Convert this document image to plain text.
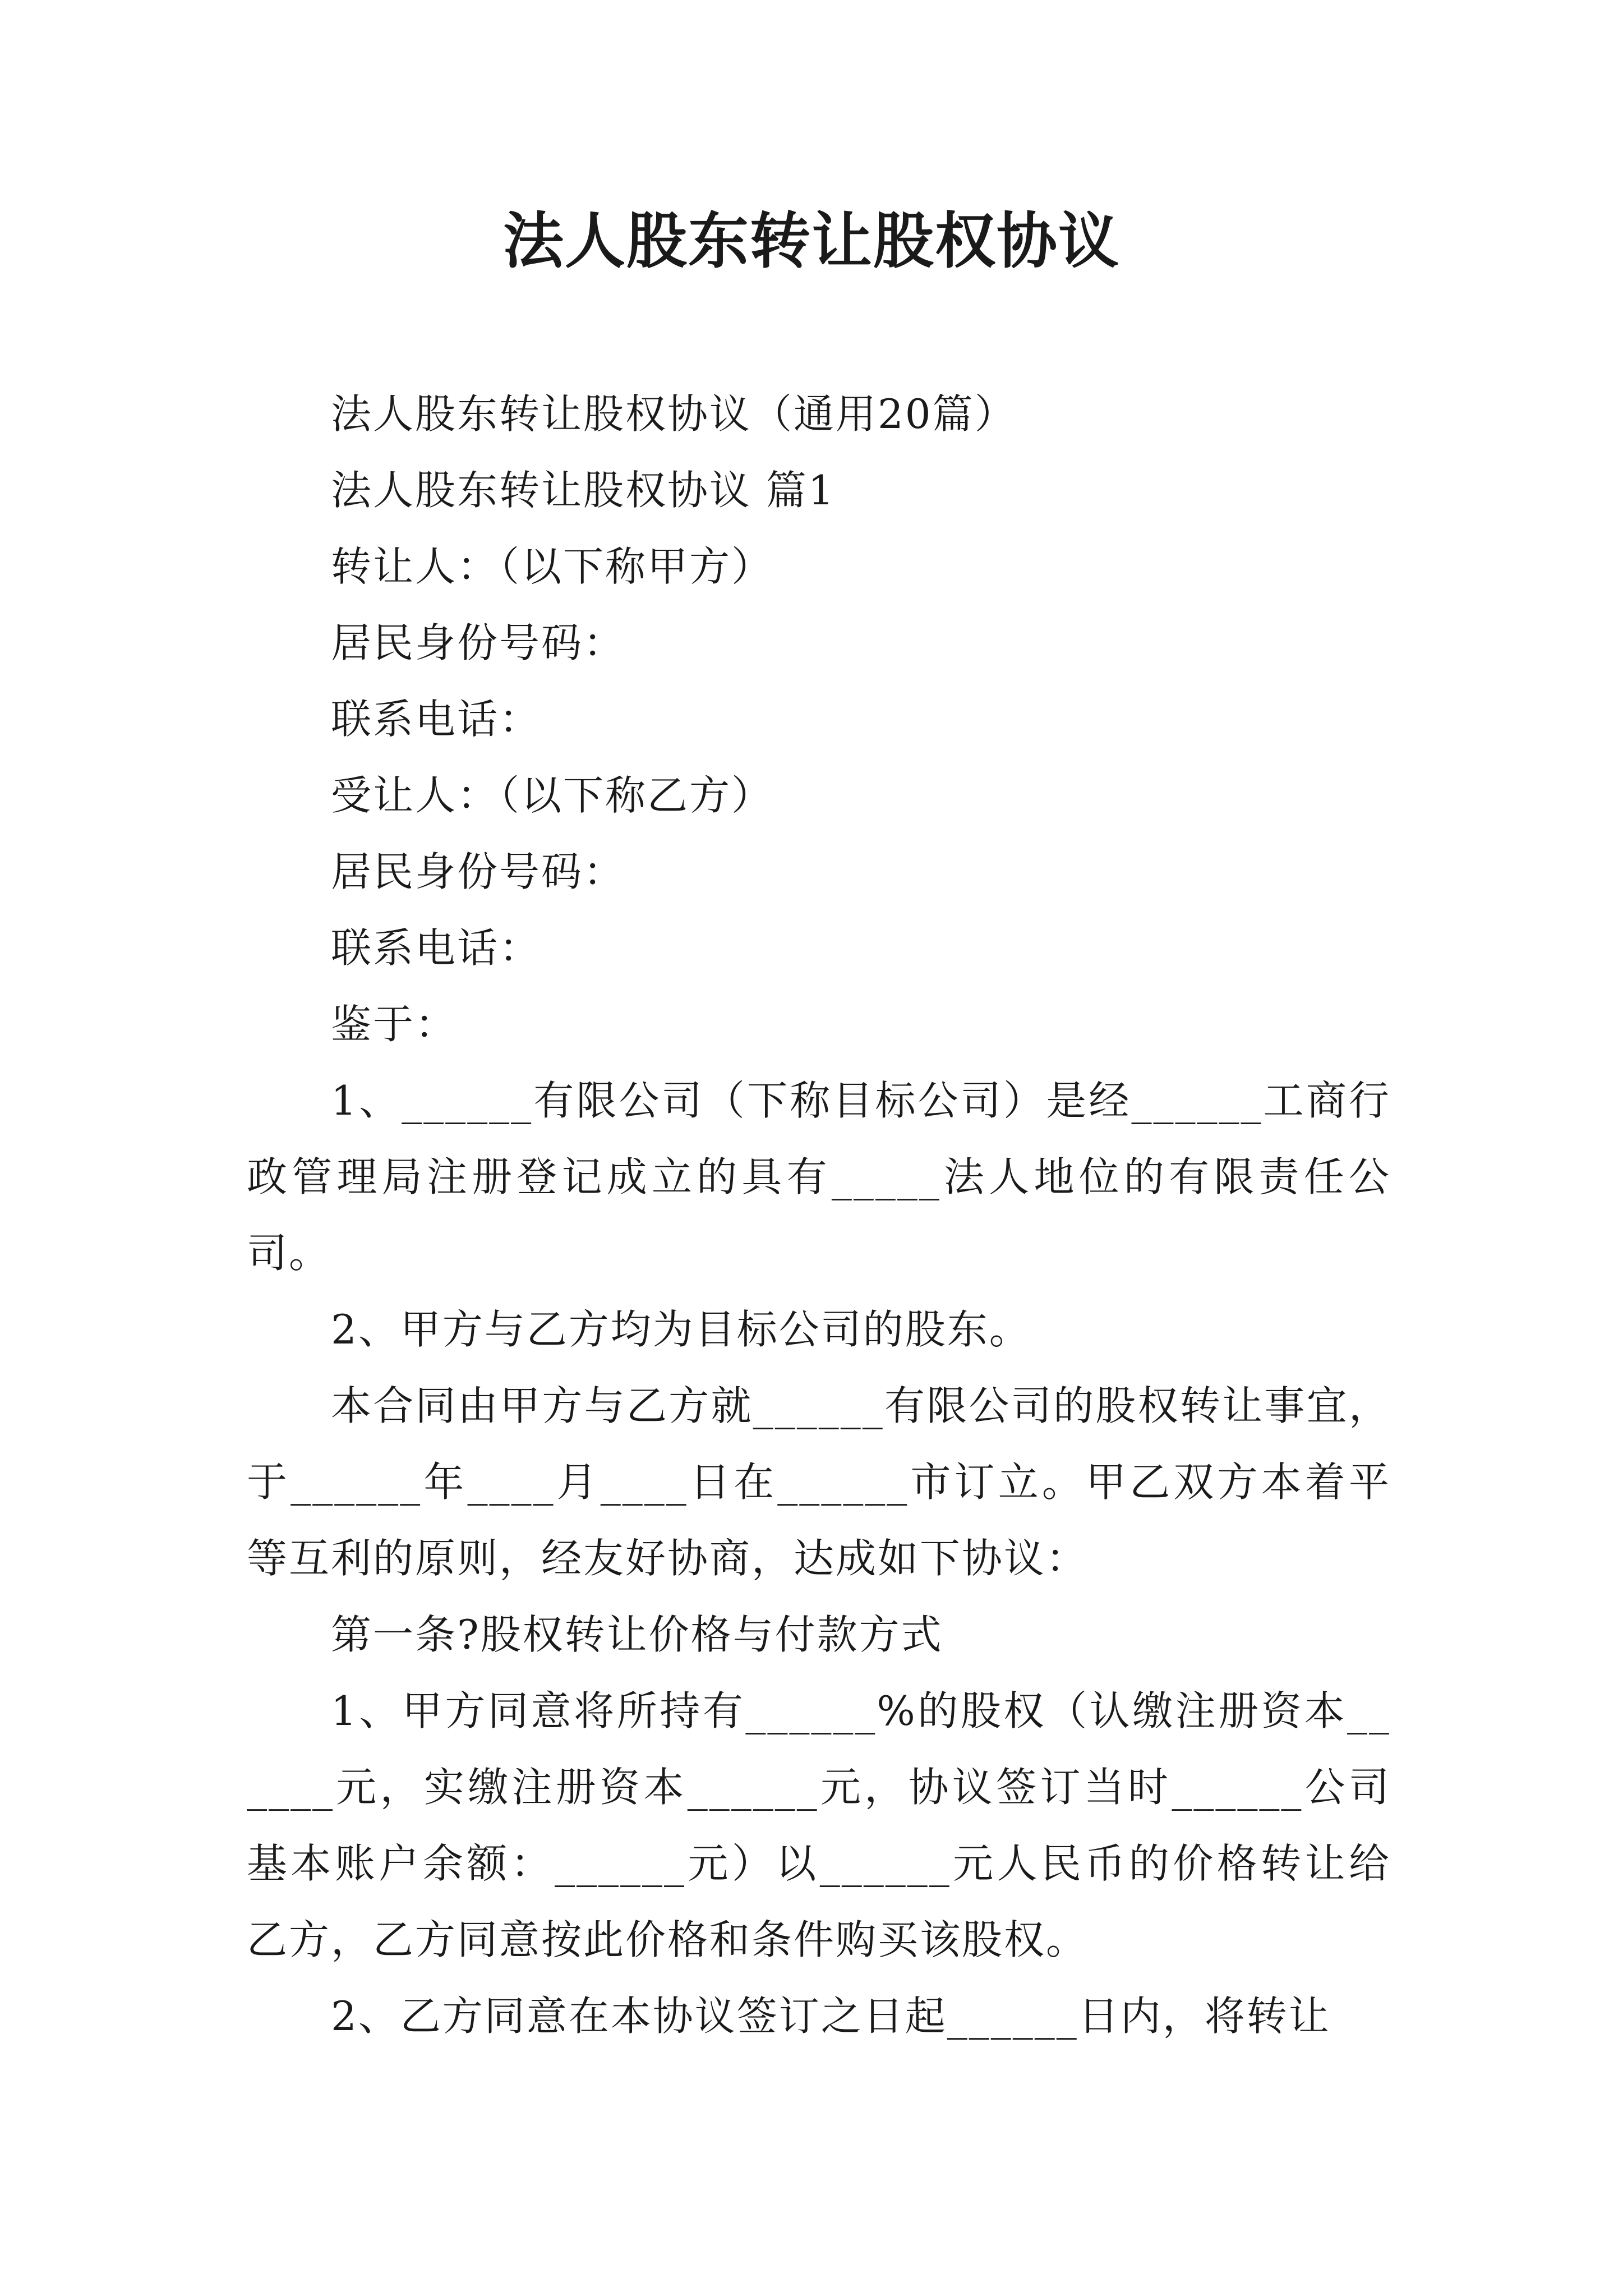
法人股东转让股权协议

法人股东转让股权协议（通用20篇）

法人股东转让股权协议 篇1

转让人：（以下称甲方）

居民身份号码：

联系电话：

受让人：（以下称乙方）

居民身份号码：

联系电话：

鉴于：

1、______有限公司（下称目标公司）是经______工商行政管理局注册登记成立的具有_____法人地位的有限责任公司。

2、甲方与乙方均为目标公司的股东。

本合同由甲方与乙方就______有限公司的股权转让事宜，于______年____月____日在______市订立。甲乙双方本着平等互利的原则，经友好协商，达成如下协议：

第一条?股权转让价格与付款方式

1、甲方同意将所持有______%的股权（认缴注册资本______元，实缴注册资本______元，协议签订当时______公司基本账户余额：______元）以______元人民币的价格转让给乙方，乙方同意按此价格和条件购买该股权。

2、乙方同意在本协议签订之日起______日内，将转让
